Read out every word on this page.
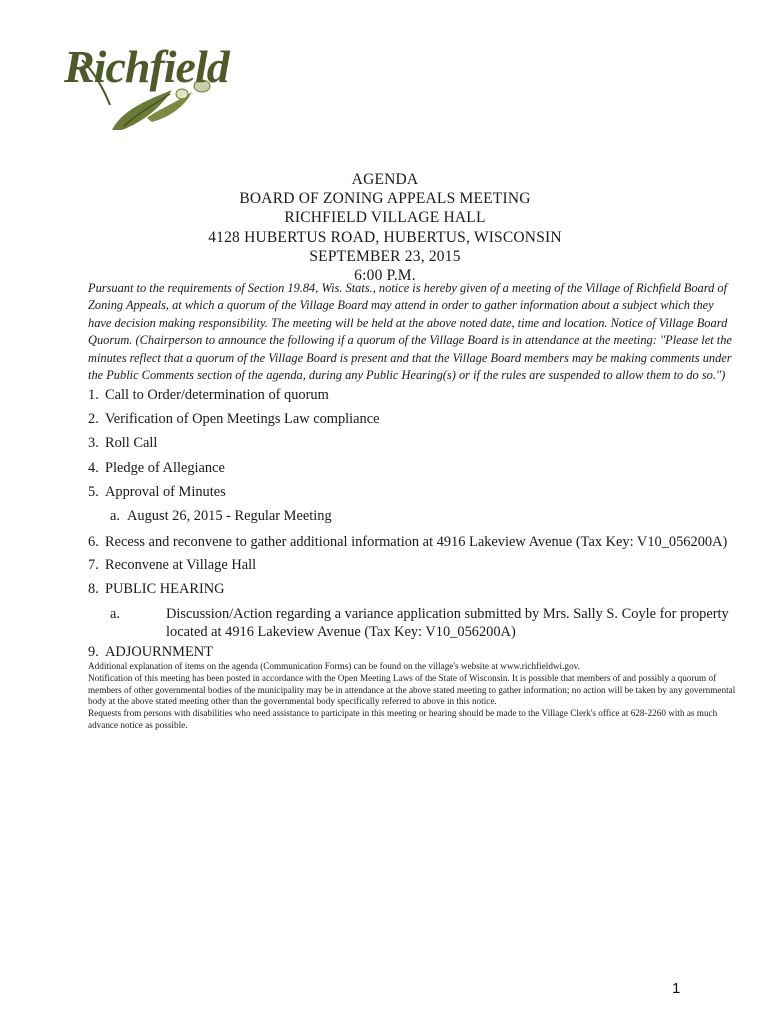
Richfield
AGENDA
BOARD OF ZONING APPEALS MEETING
RICHFIELD VILLAGE HALL
4128 HUBERTUS ROAD, HUBERTUS, WISCONSIN
SEPTEMBER 23, 2015
6:00 P.M.

Pursuant to the requirements of Section 19.84, Wis. Stats., notice is hereby given of a meeting of the Village of Richfield Board of Zoning Appeals, at which a quorum of the Village Board may attend in order to gather information about a subject which they have decision making responsibility. The meeting will be held at the above noted date, time and location. Notice of Village Board Quorum. (Chairperson to announce the following if a quorum of the Village Board is in attendance at the meeting: "Please let the minutes reflect that a quorum of the Village Board is present and that the Village Board members may be making comments under the Public Comments section of the agenda, during any Public Hearing(s) or if the rules are suspended to allow them to do so.")

1. Call to Order/determination of quorum
2. Verification of Open Meetings Law compliance
3. Roll Call
4. Pledge of Allegiance
5. Approval of Minutes
a. August 26, 2015 - Regular Meeting
6. Recess and reconvene to gather additional information at 4916 Lakeview Avenue (Tax Key: V10_056200A)
7. Reconvene at Village Hall
8. PUBLIC HEARING
a.	Discussion/Action regarding a variance application submitted by Mrs. Sally S. Coyle for property
located at 4916 Lakeview Avenue (Tax Key: V10_056200A)
9. ADJOURNMENT

Additional explanation of items on the agenda (Communication Forms) can be found on the village's website at www.richfieldwi.gov.

Notification of this meeting has been posted in accordance with the Open Meeting Laws of the State of Wisconsin. It is possible that members of and possibly a quorum of members of other governmental bodies of the municipality may be in attendance at the above stated meeting to gather information; no action will be taken by any governmental body at the above stated meeting other than the governmental body specifically referred to above in this notice.

Requests from persons with disabilities who need assistance to participate in this meeting or hearing should be made to the Village Clerk's office at 628-2260 with as much advance notice as possible.

1
